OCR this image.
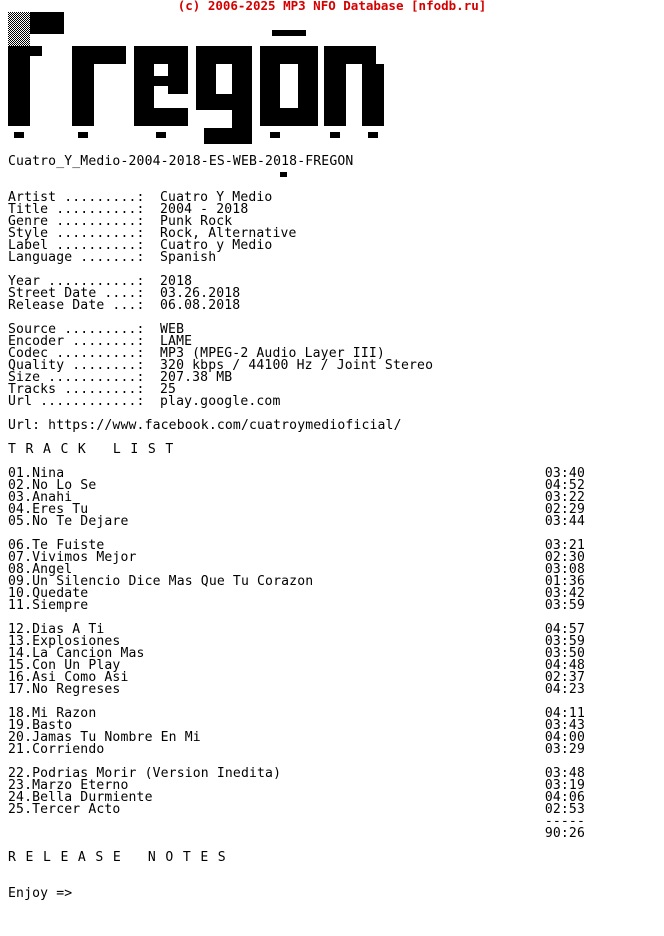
(c) 2006-2025 MP3 NFO Database [nfodb.ru]
Cuatro_Y_Medio-2004-2018-ES-WEB-2018-FREGON

Artist .........:	Cuatro Y Medio
Title ..........:	2004 - 2018
Genre ..........:	Punk Rock
Style ..........:	Rock, Alternative
Label ..........:	Cuatro y Medio
Language .......:	Spanish

Year ...........:	2018
Street Date ....:	03.26.2018
Release Date ...:	06.08.2018

Source .........:	WEB
Encoder ........:	LAME
Codec ..........:	MP3 (MPEG-2 Audio Layer III)
Quality ........:	320 kbps / 44100 Hz / Joint Stereo
Size ...........:	207.38 MB
Tracks .........:	25
Url ............:	play.google.com

Url: https://www.facebook.com/cuatroymedioficial/

TRACK LIST

01.Nina	03:40
02.No Lo Se	04:52
03.Anahi	03:22
04.Eres Tu	02:29
05.No Te Dejare	03:44

06.Te Fuiste	03:21
07.Vivimos Mejor	02:30
08.Angel	03:08
09.Un Silencio Dice Mas Que Tu Corazon	01:36
10.Quedate	03:42
11.Siempre	03:59

12.Dias A Ti	04:57
13.Explosiones	03:59
14.La Cancion Mas	03:50
15.Con Un Play	04:48
16.Asi Como Asi	02:37
17.No Regreses	04:23

18.Mi Razon	04:11
19.Basto	03:43
20.Jamas Tu Nombre En Mi	04:00
21.Corriendo	03:29

22.Podrias Morir (Version Inedita)	03:48
23.Marzo Eterno	03:19
24.Bella Durmiente	04:06
25.Tercer Acto	02:53
-----
90:26

RELEASE NOTES

Enjoy =>
